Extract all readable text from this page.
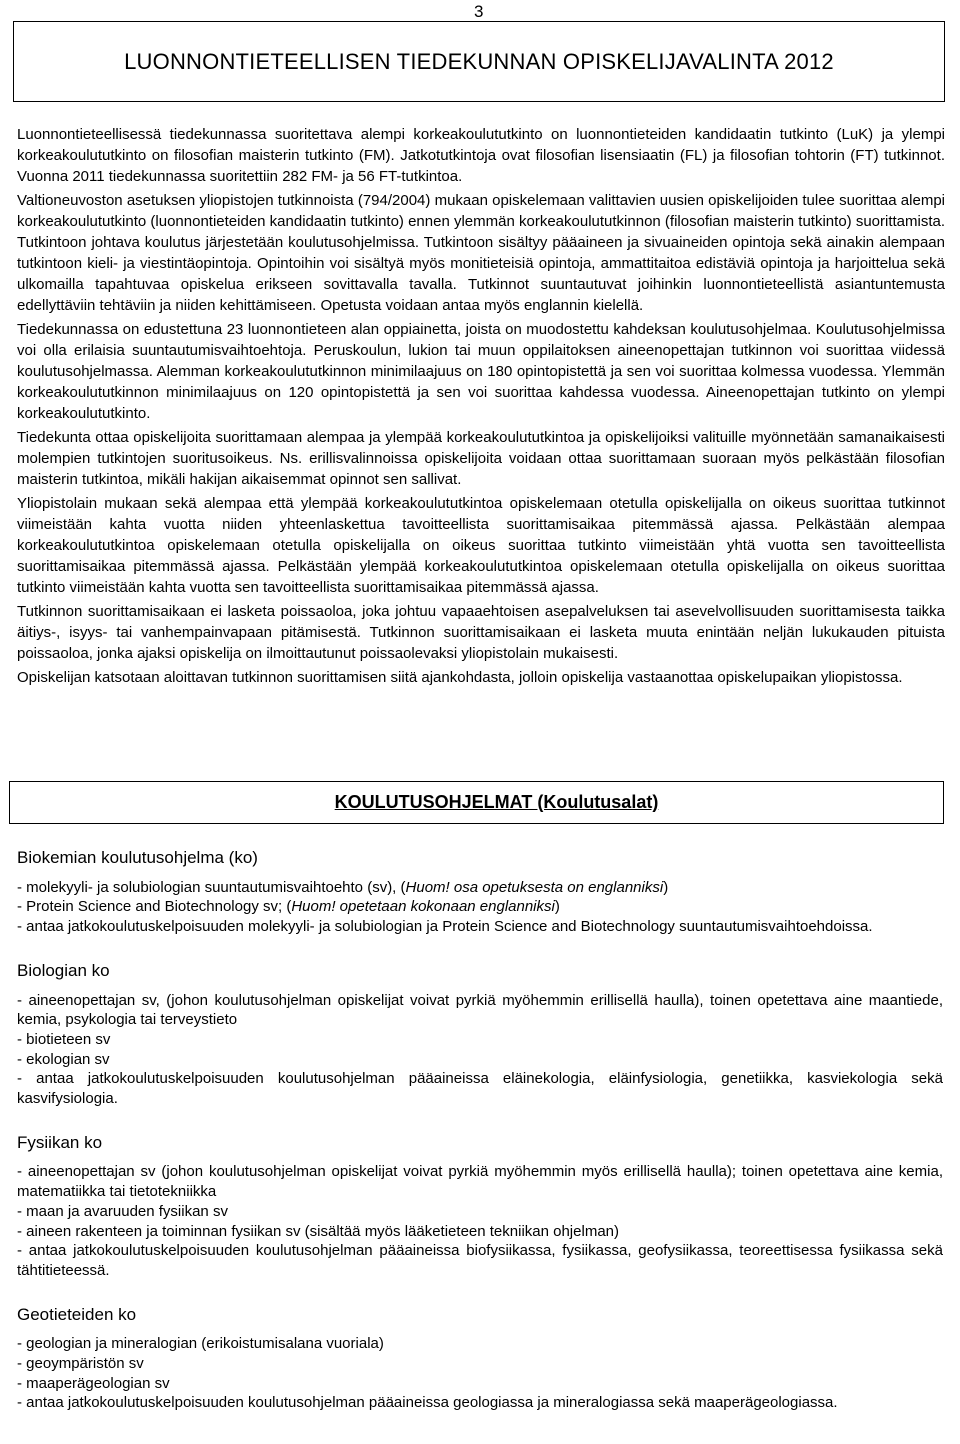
3
LUONNONTIETEELLISEN TIEDEKUNNAN OPISKELIJAVALINTA 2012

Luonnontieteellisessä tiedekunnassa suoritettava alempi korkeakoulututkinto on luonnontieteiden kandidaatin tutkinto (LuK) ja ylempi korkeakoulututkinto on filosofian maisterin tutkinto (FM). Jatkotutkintoja ovat filosofian lisensiaatin (FL) ja filosofian tohtorin (FT) tutkinnot. Vuonna 2011 tiedekunnassa suoritettiin 282 FM- ja 56 FT-tutkintoa.

Valtioneuvoston asetuksen yliopistojen tutkinnoista (794/2004) mukaan opiskelemaan valittavien uusien opiskelijoiden tulee suorittaa alempi korkeakoulututkinto (luonnontieteiden kandidaatin tutkinto) ennen ylemmän korkeakoulututkinnon (filosofian maisterin tutkinto) suorittamista. Tutkintoon johtava koulutus järjestetään koulutusohjelmissa. Tutkintoon sisältyy pääaineen ja sivuaineiden opintoja sekä ainakin alempaan tutkintoon kieli- ja viestintäopintoja. Opintoihin voi sisältyä myös monitieteisiä opintoja, ammattitaitoa edistäviä opintoja ja harjoittelua sekä ulkomailla tapahtuvaa opiskelua erikseen sovittavalla tavalla. Tutkinnot suuntautuvat joihinkin luonnontieteellistä asiantuntemusta edellyttäviin tehtäviin ja niiden kehittämiseen. Opetusta voidaan antaa myös englannin kielellä.

Tiedekunnassa on edustettuna 23 luonnontieteen alan oppiainetta, joista on muodostettu kahdeksan koulutusohjelmaa. Koulutusohjelmissa voi olla erilaisia suuntautumisvaihtoehtoja. Peruskoulun, lukion tai muun oppilaitoksen aineenopettajan tutkinnon voi suorittaa viidessä koulutusohjelmassa. Alemman korkeakoulututkinnon minimilaajuus on 180 opintopistettä ja sen voi suorittaa kolmessa vuodessa. Ylemmän korkeakoulututkinnon minimilaajuus on 120 opintopistettä ja sen voi suorittaa kahdessa vuodessa. Aineenopettajan tutkinto on ylempi korkeakoulututkinto.

Tiedekunta ottaa opiskelijoita suorittamaan alempaa ja ylempää korkeakoulututkintoa ja opiskelijoiksi valituille myönnetään samanaikaisesti molempien tutkintojen suoritusoikeus. Ns. erillisvalinnoissa opiskelijoita voidaan ottaa suorittamaan suoraan myös pelkästään filosofian maisterin tutkintoa, mikäli hakijan aikaisemmat opinnot sen sallivat.

Yliopistolain mukaan sekä alempaa että ylempää korkeakoulututkintoa opiskelemaan otetulla opiskelijalla on oikeus suorittaa tutkinnot viimeistään kahta vuotta niiden yhteenlaskettua tavoitteellista suorittamisaikaa pitemmässä ajassa. Pelkästään alempaa korkeakoulututkintoa opiskelemaan otetulla opiskelijalla on oikeus suorittaa tutkinto viimeistään yhtä vuotta sen tavoitteellista suorittamisaikaa pitemmässä ajassa. Pelkästään ylempää korkeakoulututkintoa opiskelemaan otetulla opiskelijalla on oikeus suorittaa tutkinto viimeistään kahta vuotta sen tavoitteellista suorittamisaikaa pitemmässä ajassa.

Tutkinnon suorittamisaikaan ei lasketa poissaoloa, joka johtuu vapaaehtoisen asepalveluksen tai asevelvollisuuden suorittamisesta taikka äitiys-, isyys- tai vanhempainvapaan pitämisestä. Tutkinnon suorittamisaikaan ei lasketa muuta enintään neljän lukukauden pituista poissaoloa, jonka ajaksi opiskelija on ilmoittautunut poissaolevaksi yliopistolain mukaisesti.

Opiskelijan katsotaan aloittavan tutkinnon suorittamisen siitä ajankohdasta, jolloin opiskelija vastaanottaa opiskelupaikan yliopistossa.

KOULUTUSOHJELMAT (Koulutusalat)
Biokemian koulutusohjelma (ko)
- molekyyli- ja solubiologian suuntautumisvaihtoehto (sv), (Huom! osa opetuksesta on englanniksi)
- Protein Science and Biotechnology sv; (Huom! opetetaan kokonaan englanniksi)
- antaa jatkokoulutuskelpoisuuden molekyyli- ja solubiologian ja Protein Science and Biotechnology suuntautumisvaihtoehdoissa.
Biologian ko
- aineenopettajan sv, (johon koulutusohjelman opiskelijat voivat pyrkiä myöhemmin erillisellä haulla), toinen opetettava aine maantiede, kemia, psykologia tai terveystieto
- biotieteen sv
- ekologian sv
- antaa jatkokoulutuskelpoisuuden koulutusohjelman pääaineissa eläinekologia, eläinfysiologia, genetiikka, kasviekologia sekä kasvifysiologia.
Fysiikan ko
- aineenopettajan sv (johon koulutusohjelman opiskelijat voivat pyrkiä myöhemmin myös erillisellä haulla); toinen opetettava aine kemia, matematiikka tai tietotekniikka
- maan ja avaruuden fysiikan sv
- aineen rakenteen ja toiminnan fysiikan sv (sisältää myös lääketieteen tekniikan ohjelman)
- antaa jatkokoulutuskelpoisuuden koulutusohjelman pääaineissa biofysiikassa, fysiikassa, geofysiikassa, teoreettisessa fysiikassa sekä tähtitieteessä.
Geotieteiden ko
- geologian ja mineralogian (erikoistumisalana vuoriala)
- geoympäristön sv
- maaperägeologian sv
- antaa jatkokoulutuskelpoisuuden koulutusohjelman pääaineissa geologiassa ja mineralogiassa sekä maaperägeologiassa.
